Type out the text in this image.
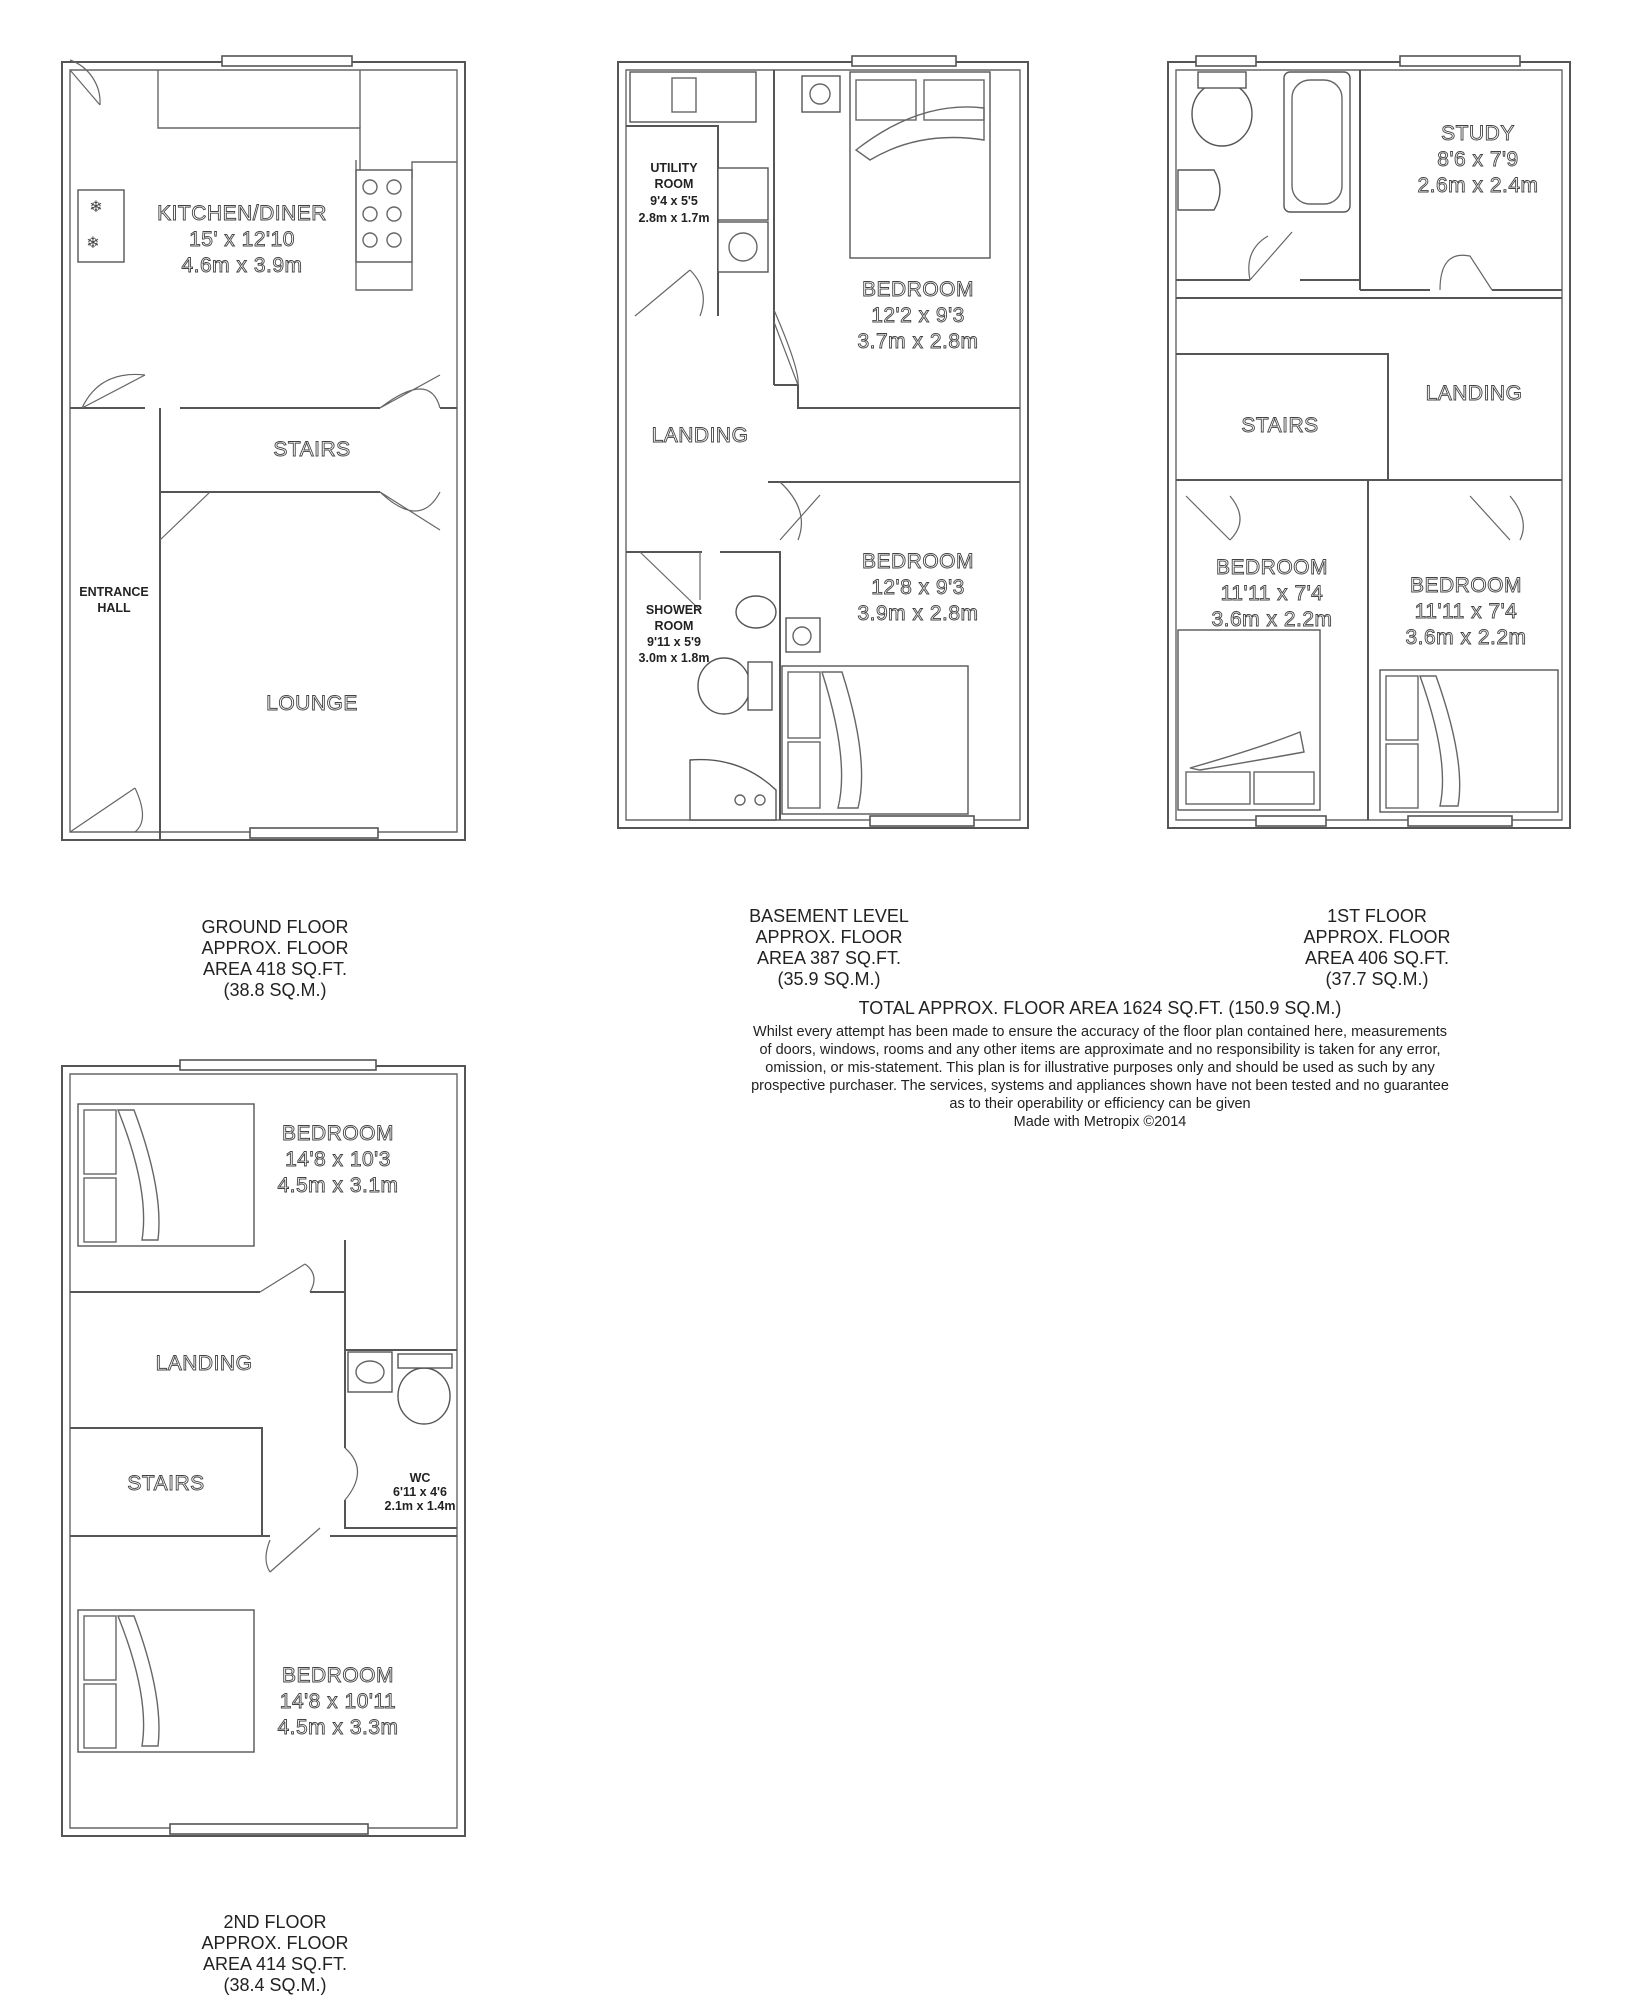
❄
❄
KITCHEN/DINER
15' x 12'10
4.6m x 3.9m
STAIRS
ENTRANCE
HALL
LOUNGE
UTILITY
ROOM
9'4 x 5'5
2.8m x 1.7m
BEDROOM
12'2 x 9'3
3.7m x 2.8m
LANDING
BEDROOM
12'8 x 9'3
3.9m x 2.8m
SHOWER
ROOM
9'11 x 5'9
3.0m x 1.8m
STUDY
8'6 x 7'9
2.6m x 2.4m
LANDING
STAIRS
BEDROOM
11'11 x 7'4
3.6m x 2.2m
BEDROOM
11'11 x 7'4
3.6m x 2.2m
BEDROOM
14'8 x 10'3
4.5m x 3.1m
LANDING
STAIRS	WC
6'11 x 4'6
2.1m x 1.4m
BEDROOM
14'8 x 10'11
4.5m x 3.3m
GROUND FLOOR
APPROX. FLOOR
AREA 418 SQ.FT.
(38.8 SQ.M.)
BASEMENT LEVEL
APPROX. FLOOR
AREA 387 SQ.FT.
(35.9 SQ.M.)
1ST FLOOR
APPROX. FLOOR
AREA 406 SQ.FT.
(37.7 SQ.M.)
TOTAL APPROX. FLOOR AREA 1624 SQ.FT. (150.9 SQ.M.)
Whilst every attempt has been made to ensure the accuracy of the floor plan contained here, measurements
of doors, windows, rooms and any other items are approximate and no responsibility is taken for any error,
omission, or mis-statement. This plan is for illustrative purposes only and should be used as such by any
prospective purchaser. The services, systems and appliances shown have not been tested and no guarantee
as to their operability or efficiency can be given
Made with Metropix ©2014
2ND FLOOR
APPROX. FLOOR
AREA 414 SQ.FT.
(38.4 SQ.M.)
